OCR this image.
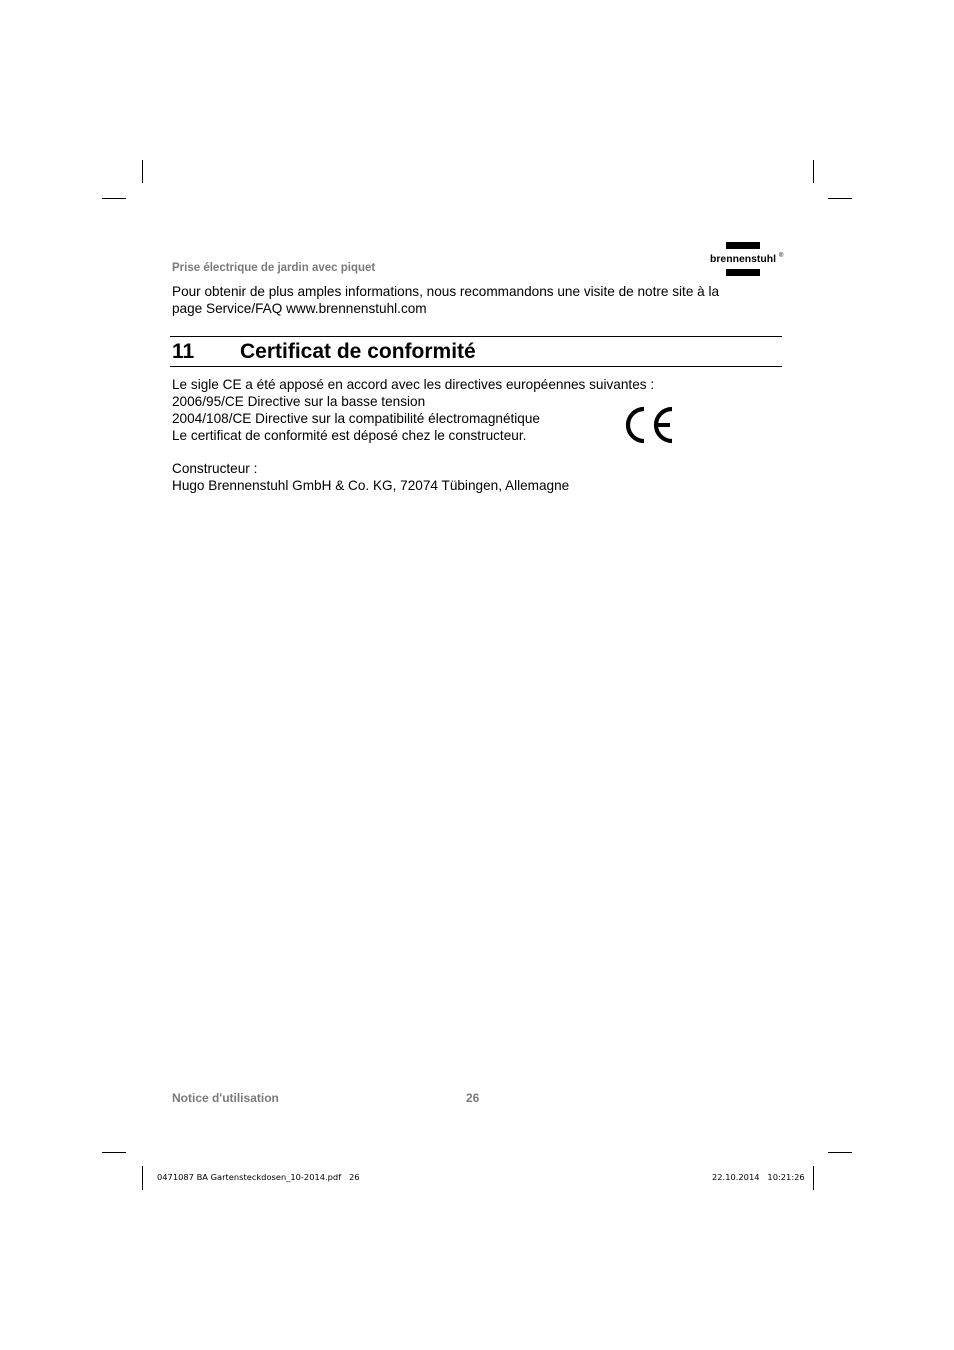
Prise électrique de jardin avec piquet
brennenstuhl ®
Pour obtenir de plus amples informations, nous recommandons une visite de notre site à la
page Service/FAQ www.brennenstuhl.com
11 Certificat de conformité
Le sigle CE a été apposé en accord avec les directives européennes suivantes :
2006/95/CE Directive sur la basse tension
2004/108/CE Directive sur la compatibilité électromagnétique
Le certificat de conformité est déposé chez le constructeur.
Constructeur :
Hugo Brennenstuhl GmbH & Co. KG, 72074 Tübingen, Allemagne
Notice d'utilisation	26
0471087 BA Gartensteckdosen_10-2014.pdf   26	22.10.2014   10:21:26
